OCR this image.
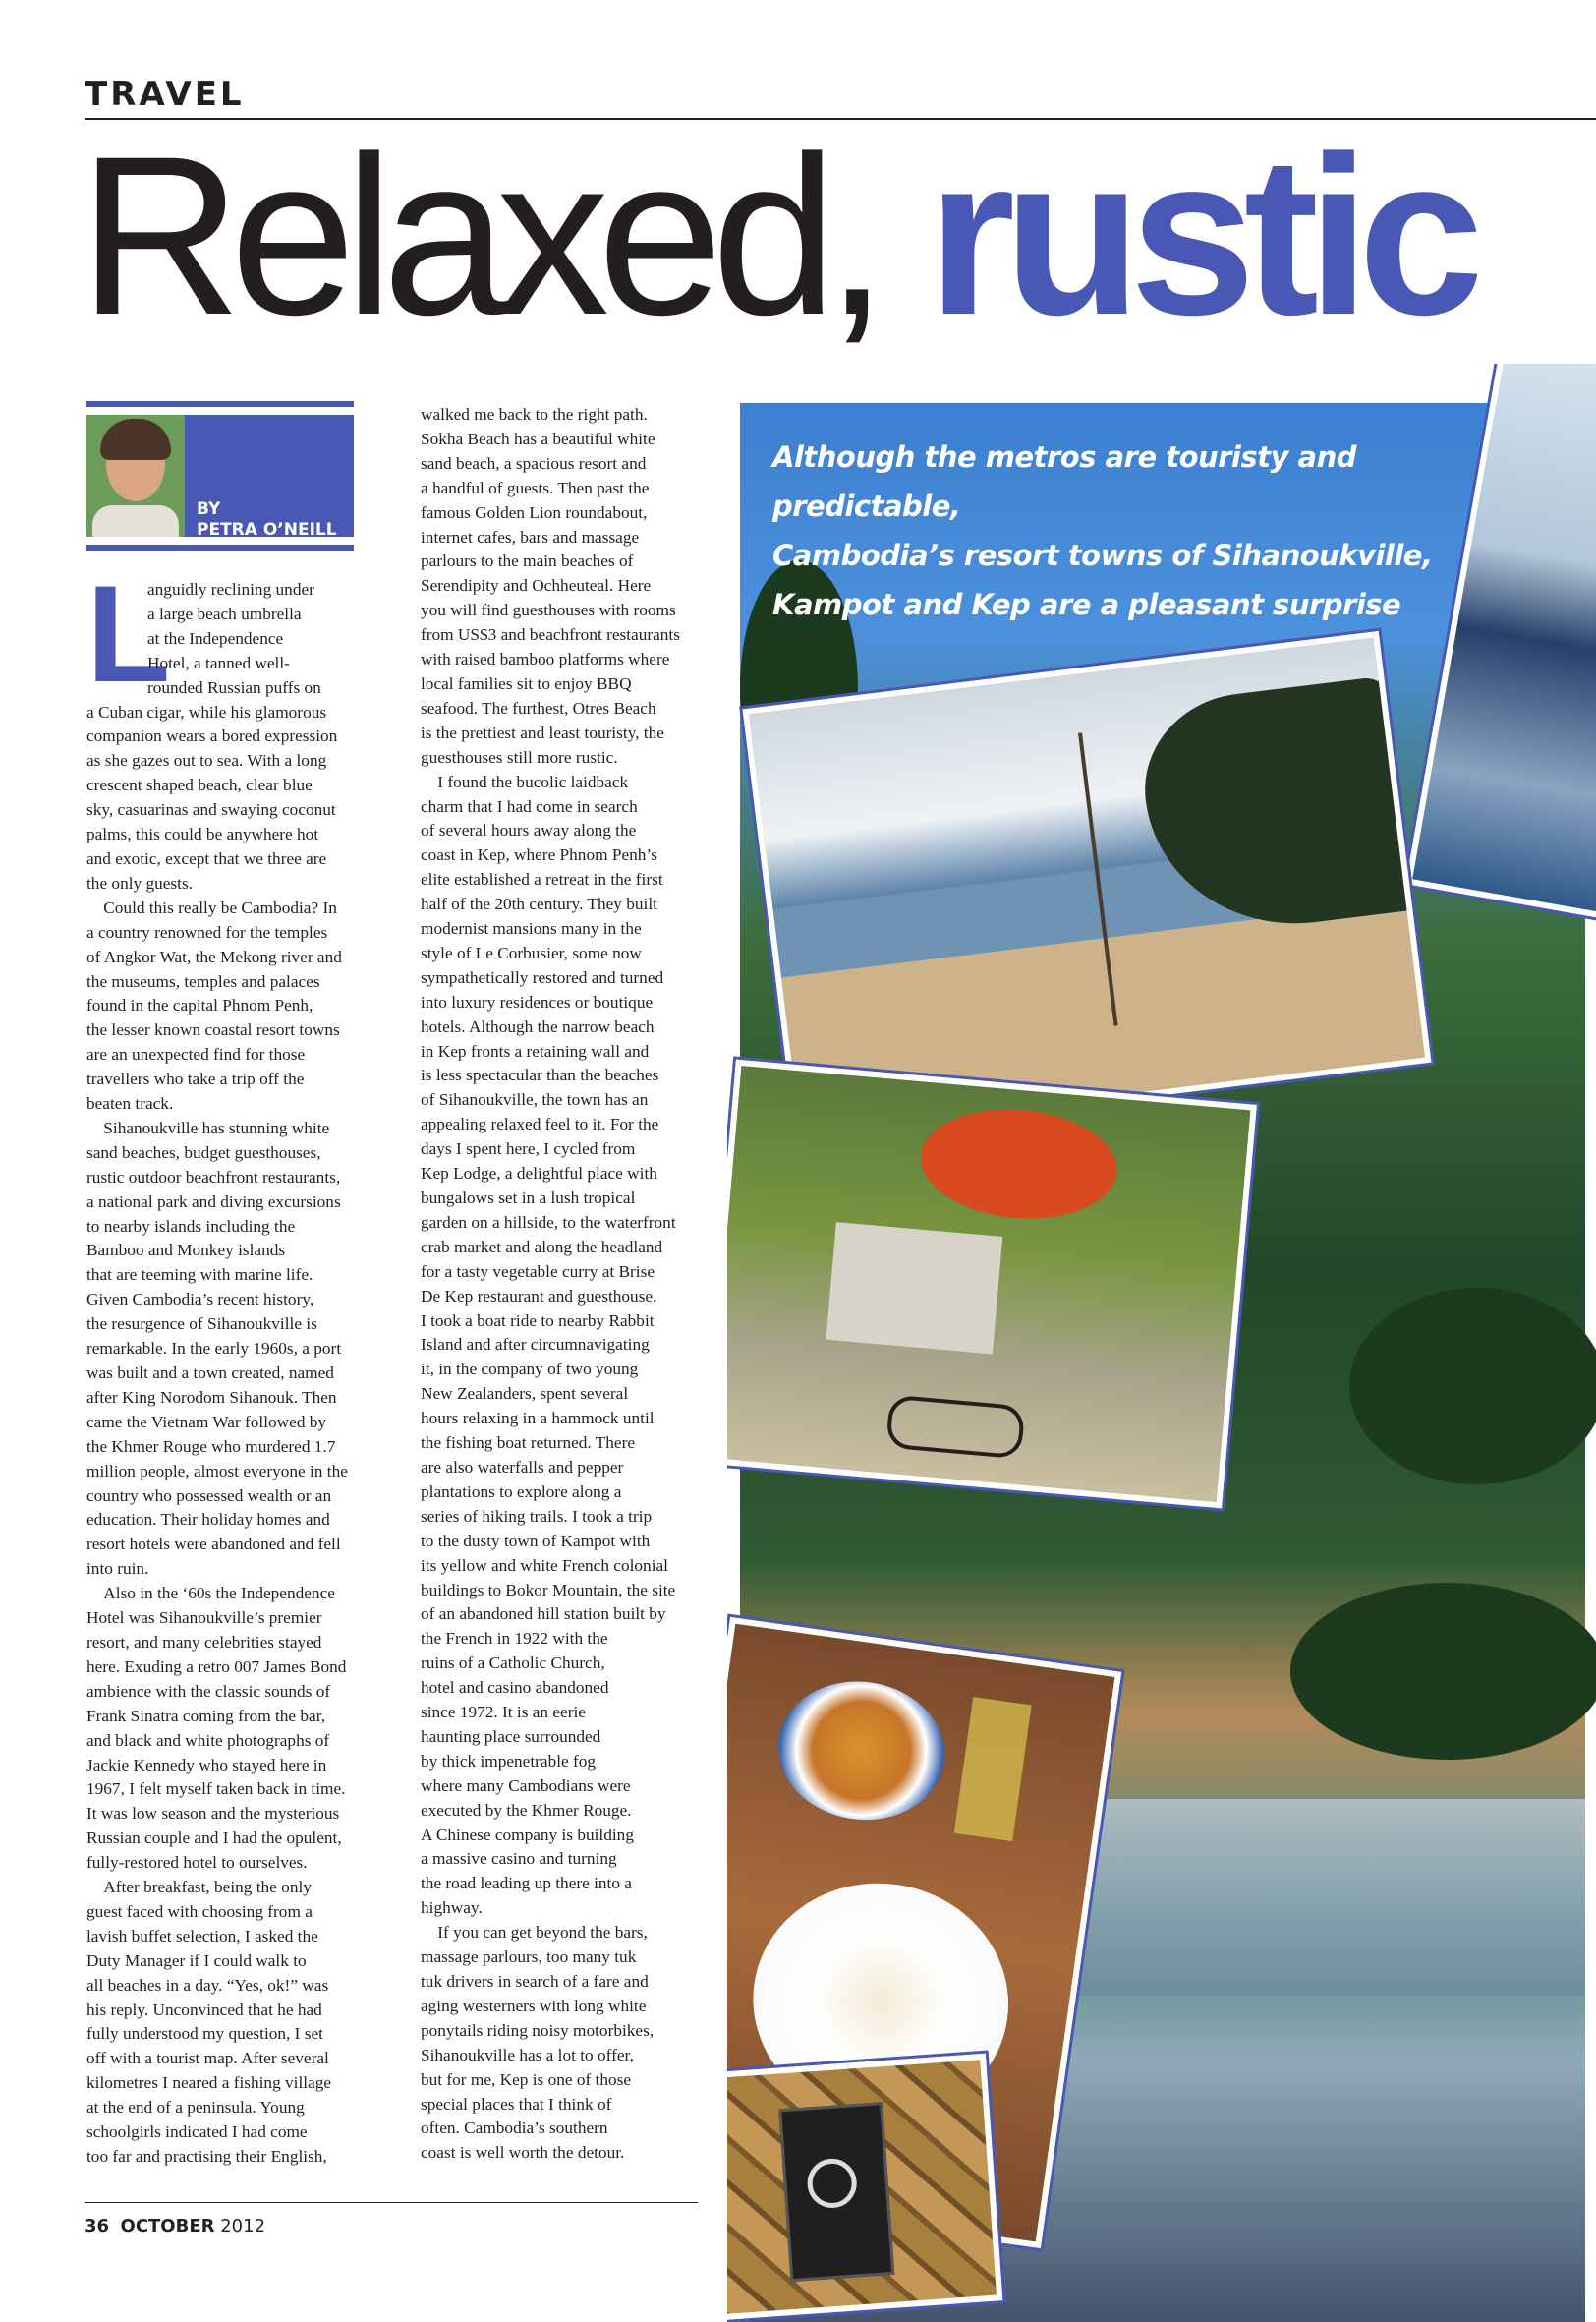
TRAVEL
Relaxed, rustic
BY
PETRA O’NEILL
L

anguidly reclining under

a large beach umbrella

at the Independence

Hotel, a tanned well-

rounded Russian puffs on

a Cuban cigar, while his glamorous

companion wears a bored expression

as she gazes out to sea. With a long

crescent shaped beach, clear blue

sky, casuarinas and swaying coconut

palms, this could be anywhere hot

and exotic, except that we three are

the only guests.

 Could this really be Cambodia? In

a country renowned for the temples

of Angkor Wat, the Mekong river and

the museums, temples and palaces

found in the capital Phnom Penh,

the lesser known coastal resort towns

are an unexpected find for those

travellers who take a trip off the

beaten track.

 Sihanoukville has stunning white

sand beaches, budget guesthouses,

rustic outdoor beachfront restaurants,

a national park and diving excursions

to nearby islands including the

Bamboo and Monkey islands

that are teeming with marine life.

Given Cambodia’s recent history,

the resurgence of Sihanoukville is

remarkable. In the early 1960s, a port

was built and a town created, named

after King Norodom Sihanouk. Then

came the Vietnam War followed by

the Khmer Rouge who murdered 1.7

million people, almost everyone in the

country who possessed wealth or an

education. Their holiday homes and

resort hotels were abandoned and fell

into ruin.

 Also in the ‘60s the Independence

Hotel was Sihanoukville’s premier

resort, and many celebrities stayed

here. Exuding a retro 007 James Bond

ambience with the classic sounds of

Frank Sinatra coming from the bar,

and black and white photographs of

Jackie Kennedy who stayed here in

1967, I felt myself taken back in time.

It was low season and the mysterious

Russian couple and I had the opulent,

fully-restored hotel to ourselves.

 After breakfast, being the only

guest faced with choosing from a

lavish buffet selection, I asked the

Duty Manager if I could walk to

all beaches in a day. “Yes, ok!” was

his reply. Unconvinced that he had

fully understood my question, I set

off with a tourist map. After several

kilometres I neared a fishing village

at the end of a peninsula. Young

schoolgirls indicated I had come

too far and practising their English,

walked me back to the right path.

Sokha Beach has a beautiful white

sand beach, a spacious resort and

a handful of guests. Then past the

famous Golden Lion roundabout,

internet cafes, bars and massage

parlours to the main beaches of

Serendipity and Ochheuteal. Here

you will find guesthouses with rooms

from US$3 and beachfront restaurants

with raised bamboo platforms where

local families sit to enjoy BBQ

seafood. The furthest, Otres Beach

is the prettiest and least touristy, the

guesthouses still more rustic.

 I found the bucolic laidback

charm that I had come in search

of several hours away along the

coast in Kep, where Phnom Penh’s

elite established a retreat in the first

half of the 20th century. They built

modernist mansions many in the

style of Le Corbusier, some now

sympathetically restored and turned

into luxury residences or boutique

hotels. Although the narrow beach

in Kep fronts a retaining wall and

is less spectacular than the beaches

of Sihanoukville, the town has an

appealing relaxed feel to it. For the

days I spent here, I cycled from

Kep Lodge, a delightful place with

bungalows set in a lush tropical

garden on a hillside, to the waterfront

crab market and along the headland

for a tasty vegetable curry at Brise

De Kep restaurant and guesthouse.

I took a boat ride to nearby Rabbit

Island and after circumnavigating

it, in the company of two young

New Zealanders, spent several

hours relaxing in a hammock until

the fishing boat returned. There

are also waterfalls and pepper

plantations to explore along a

series of hiking trails. I took a trip

to the dusty town of Kampot with

its yellow and white French colonial

buildings to Bokor Mountain, the site

of an abandoned hill station built by

the French in 1922 with the

ruins of a Catholic Church,

hotel and casino abandoned

since 1972. It is an eerie

haunting place surrounded

by thick impenetrable fog

where many Cambodians were

executed by the Khmer Rouge.

A Chinese company is building

a massive casino and turning

the road leading up there into a

highway.

 If you can get beyond the bars,

massage parlours, too many tuk

tuk drivers in search of a fare and

aging westerners with long white

ponytails riding noisy motorbikes,

Sihanoukville has a lot to offer,

but for me, Kep is one of those

special places that I think of

often. Cambodia’s southern

coast is well worth the detour.

Although the metros are touristy and predictable,
Cambodia’s resort towns of Sihanoukville,
Kampot and Kep are a pleasant surprise
36 OCTOBER 2012
